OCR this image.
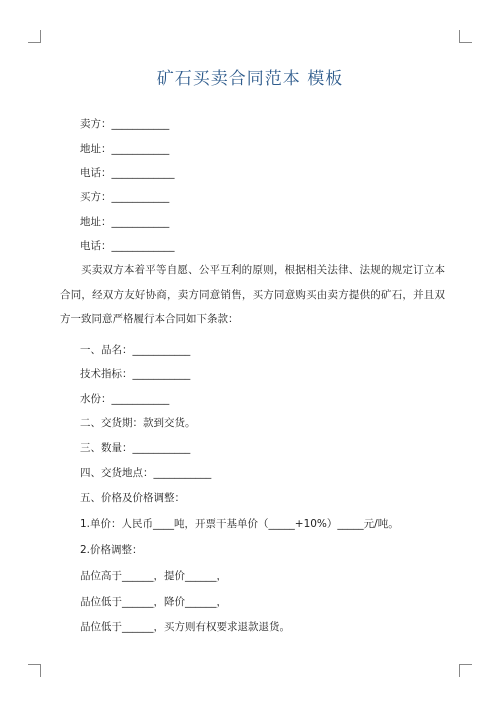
矿石买卖合同范本 模板
卖方：___________
地址：___________
电话：____________
买方：___________
地址：___________
电话：____________
买卖双方本着平等自愿、公平互利的原则，根据相关法律、法规的规定订立本合同，经双方友好协商，卖方同意销售，买方同意购买由卖方提供的矿石，并且双方一致同意严格履行本合同如下条款：
一、品名：___________
技术指标：___________
水份：___________
二、交货期：款到交货。
三、数量：___________
四、交货地点：___________
五、价格及价格调整：
1.单价：人民币____吨，开票干基单价（_____+10%）_____元/吨。
2.价格调整：
品位高于______，提价______，
品位低于______，降价______，
品位低于______，买方则有权要求退款退货。
